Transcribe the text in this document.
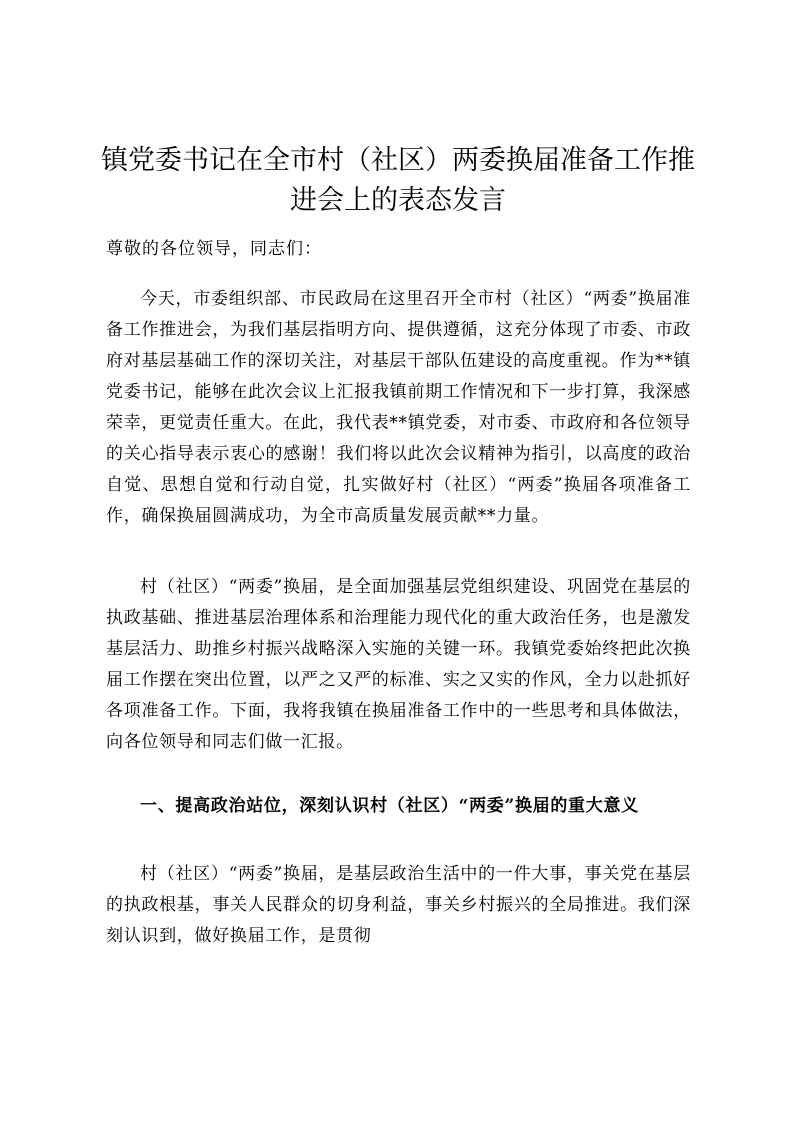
镇党委书记在全市村（社区）两委换届准备工作推进会上的表态发言

尊敬的各位领导，同志们：

今天，市委组织部、市民政局在这里召开全市村（社区）“两委”换届准备工作推进会，为我们基层指明方向、提供遵循，这充分体现了市委、市政府对基层基础工作的深切关注，对基层干部队伍建设的高度重视。作为**镇党委书记，能够在此次会议上汇报我镇前期工作情况和下一步打算，我深感荣幸，更觉责任重大。在此，我代表**镇党委，对市委、市政府和各位领导的关心指导表示衷心的感谢！我们将以此次会议精神为指引，以高度的政治自觉、思想自觉和行动自觉，扎实做好村（社区）“两委”换届各项准备工作，确保换届圆满成功，为全市高质量发展贡献**力量。

村（社区）“两委”换届，是全面加强基层党组织建设、巩固党在基层的执政基础、推进基层治理体系和治理能力现代化的重大政治任务，也是激发基层活力、助推乡村振兴战略深入实施的关键一环。我镇党委始终把此次换届工作摆在突出位置，以严之又严的标准、实之又实的作风，全力以赴抓好各项准备工作。下面，我将我镇在换届准备工作中的一些思考和具体做法，向各位领导和同志们做一汇报。

一、提高政治站位，深刻认识村（社区）“两委”换届的重大意义

村（社区）“两委”换届，是基层政治生活中的一件大事，事关党在基层的执政根基，事关人民群众的切身利益，事关乡村振兴的全局推进。我们深刻认识到，做好换届工作，是贯彻
